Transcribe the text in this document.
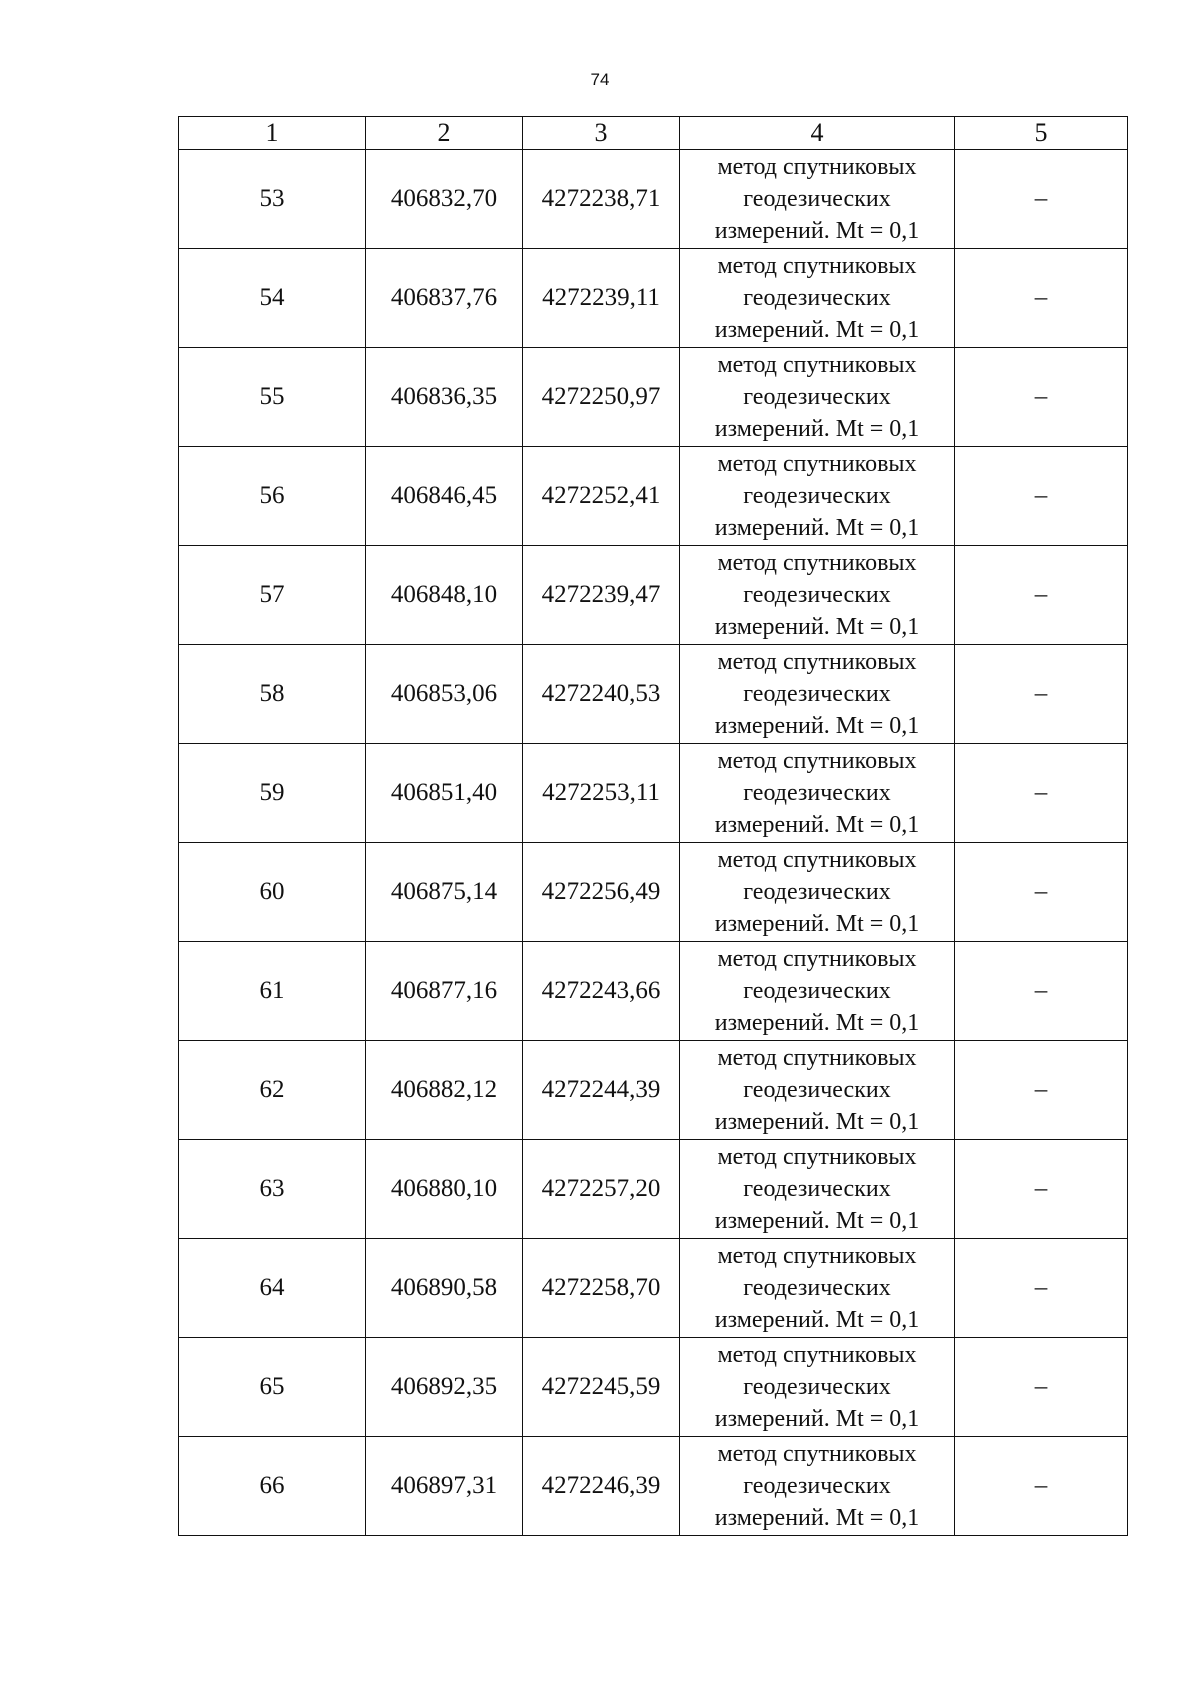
74
1	2	3	4	5
53	406832,70	4272238,71	метод спутниковых
геодезических
измерений. Mt = 0,1	–
54	406837,76	4272239,11	метод спутниковых
геодезических
измерений. Mt = 0,1	–
55	406836,35	4272250,97	метод спутниковых
геодезических
измерений. Mt = 0,1	–
56	406846,45	4272252,41	метод спутниковых
геодезических
измерений. Mt = 0,1	–
57	406848,10	4272239,47	метод спутниковых
геодезических
измерений. Mt = 0,1	–
58	406853,06	4272240,53	метод спутниковых
геодезических
измерений. Mt = 0,1	–
59	406851,40	4272253,11	метод спутниковых
геодезических
измерений. Mt = 0,1	–
60	406875,14	4272256,49	метод спутниковых
геодезических
измерений. Mt = 0,1	–
61	406877,16	4272243,66	метод спутниковых
геодезических
измерений. Mt = 0,1	–
62	406882,12	4272244,39	метод спутниковых
геодезических
измерений. Mt = 0,1	–
63	406880,10	4272257,20	метод спутниковых
геодезических
измерений. Mt = 0,1	–
64	406890,58	4272258,70	метод спутниковых
геодезических
измерений. Mt = 0,1	–
65	406892,35	4272245,59	метод спутниковых
геодезических
измерений. Mt = 0,1	–
66	406897,31	4272246,39	метод спутниковых
геодезических
измерений. Mt = 0,1	–
